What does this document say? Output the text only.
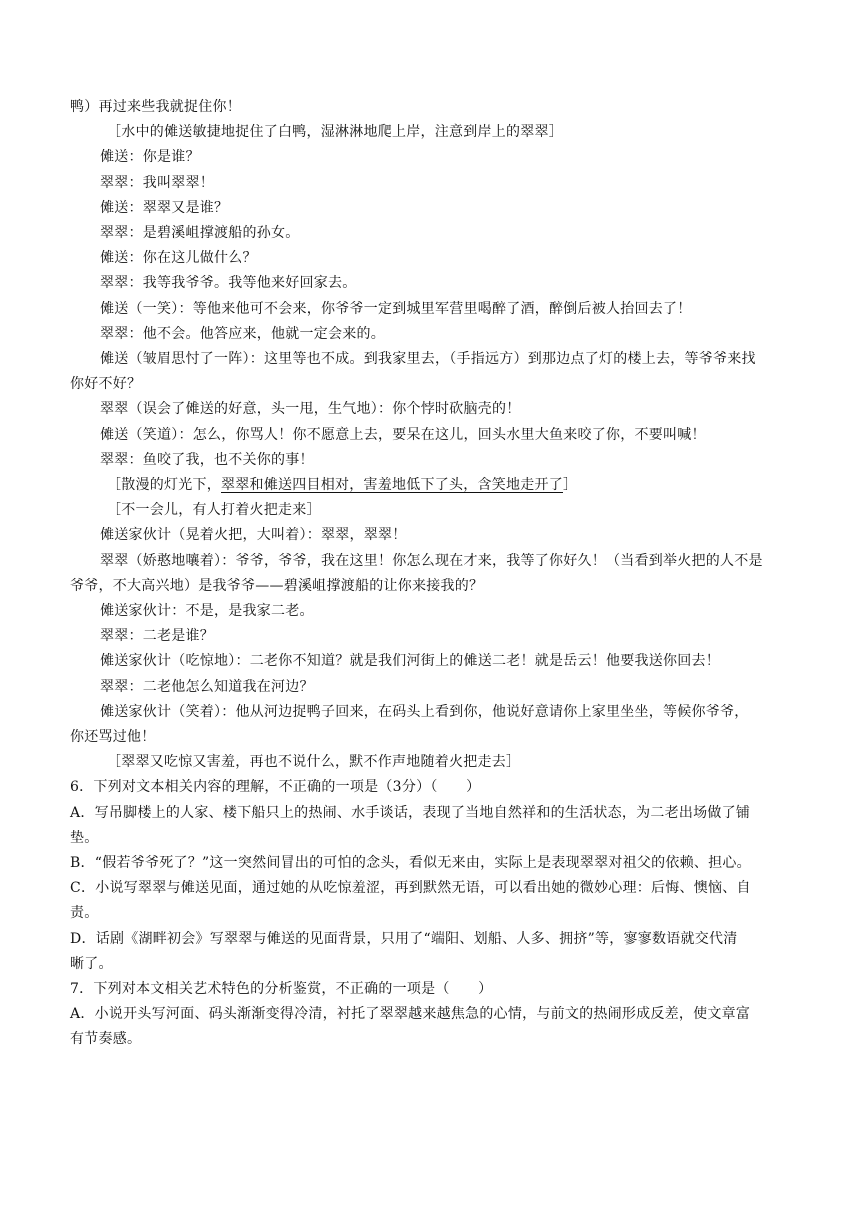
鸭）再过来些我就捉住你！
［水中的傩送敏捷地捉住了白鸭，湿淋淋地爬上岸，注意到岸上的翠翠］
傩送：你是谁？
翠翠：我叫翠翠！
傩送：翠翠又是谁？
翠翠：是碧溪岨撑渡船的孙女。
傩送：你在这儿做什么？
翠翠：我等我爷爷。我等他来好回家去。
傩送（一笑）：等他来他可不会来，你爷爷一定到城里军营里喝醉了酒，醉倒后被人抬回去了！
翠翠：他不会。他答应来，他就一定会来的。
傩送（皱眉思忖了一阵）：这里等也不成。到我家里去，（手指远方）到那边点了灯的楼上去，等爷爷来找
你好不好？
翠翠（误会了傩送的好意，头一甩，生气地）：你个悖时砍脑壳的！
傩送（笑道）：怎么，你骂人！你不愿意上去，要呆在这儿，回头水里大鱼来咬了你，不要叫喊！
翠翠：鱼咬了我，也不关你的事！
［散漫的灯光下，翠翠和傩送四目相对，害羞地低下了头，含笑地走开了］
［不一会儿，有人打着火把走来］
傩送家伙计（晃着火把，大叫着）：翠翠，翠翠！
翠翠（娇憨地嚷着）：爷爷，爷爷，我在这里！你怎么现在才来，我等了你好久！（当看到举火把的人不是
爷爷，不大高兴地）是我爷爷——碧溪岨撑渡船的让你来接我的？
傩送家伙计：不是，是我家二老。
翠翠：二老是谁？
傩送家伙计（吃惊地）：二老你不知道？就是我们河街上的傩送二老！就是岳云！他要我送你回去！
翠翠：二老他怎么知道我在河边？
傩送家伙计（笑着）：他从河边捉鸭子回来，在码头上看到你，他说好意请你上家里坐坐，等候你爷爷，
你还骂过他！
［翠翠又吃惊又害羞，再也不说什么，默不作声地随着火把走去］
6．下列对文本相关内容的理解，不正确的一项是（3分）（　　）
A．写吊脚楼上的人家、楼下船只上的热闹、水手谈话，表现了当地自然祥和的生活状态，为二老出场做了铺
垫。
B．“假若爷爷死了？”这一突然间冒出的可怕的念头，看似无来由，实际上是表现翠翠对祖父的依赖、担心。
C．小说写翠翠与傩送见面，通过她的从吃惊羞涩，再到默然无语，可以看出她的微妙心理：后悔、懊恼、自
责。
D．话剧《湖畔初会》写翠翠与傩送的见面背景，只用了“端阳、划船、人多、拥挤”等，寥寥数语就交代清
晰了。
7．下列对本文相关艺术特色的分析鉴赏，不正确的一项是（　　）
A．小说开头写河面、码头渐渐变得冷清，衬托了翠翠越来越焦急的心情，与前文的热闹形成反差，使文章富
有节奏感。
